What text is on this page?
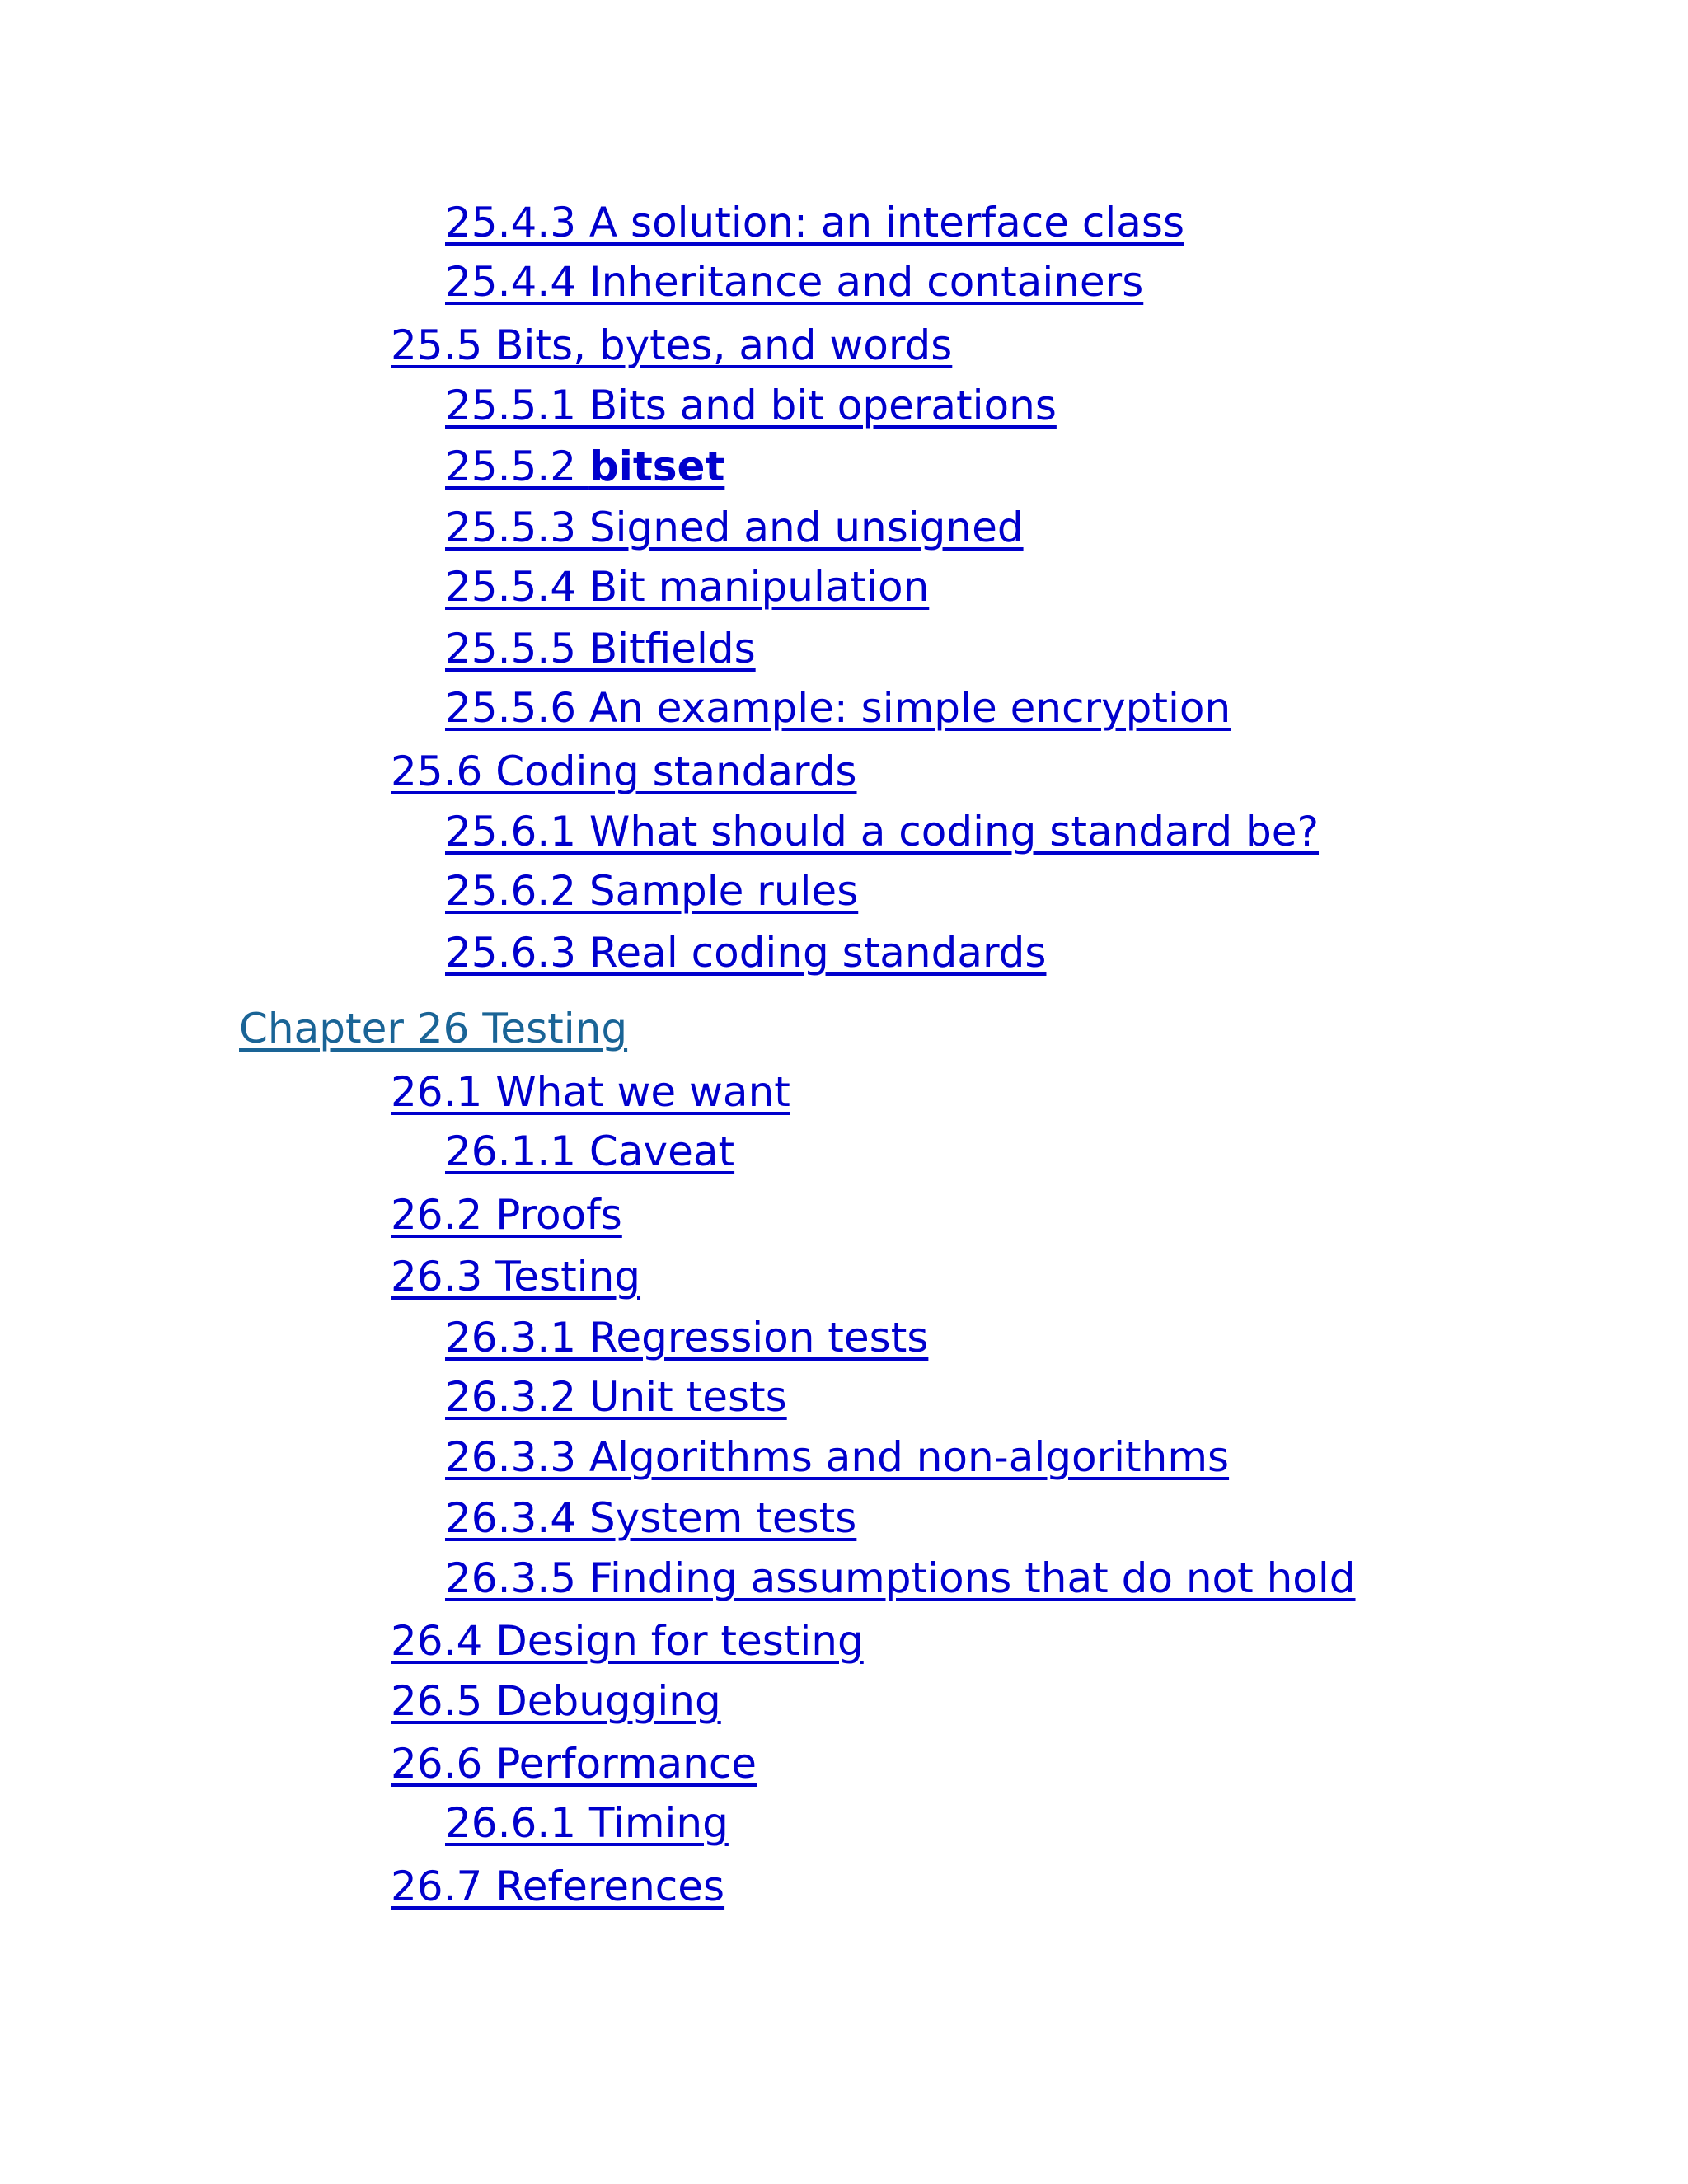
25.4.3 A solution: an interface class
25.4.4 Inheritance and containers
25.5 Bits, bytes, and words
25.5.1 Bits and bit operations
25.5.2 bitset
25.5.3 Signed and unsigned
25.5.4 Bit manipulation
25.5.5 Bitfields
25.5.6 An example: simple encryption
25.6 Coding standards
25.6.1 What should a coding standard be?
25.6.2 Sample rules
25.6.3 Real coding standards
Chapter 26 Testing
26.1 What we want
26.1.1 Caveat
26.2 Proofs
26.3 Testing
26.3.1 Regression tests
26.3.2 Unit tests
26.3.3 Algorithms and non-algorithms
26.3.4 System tests
26.3.5 Finding assumptions that do not hold
26.4 Design for testing
26.5 Debugging
26.6 Performance
26.6.1 Timing
26.7 References
